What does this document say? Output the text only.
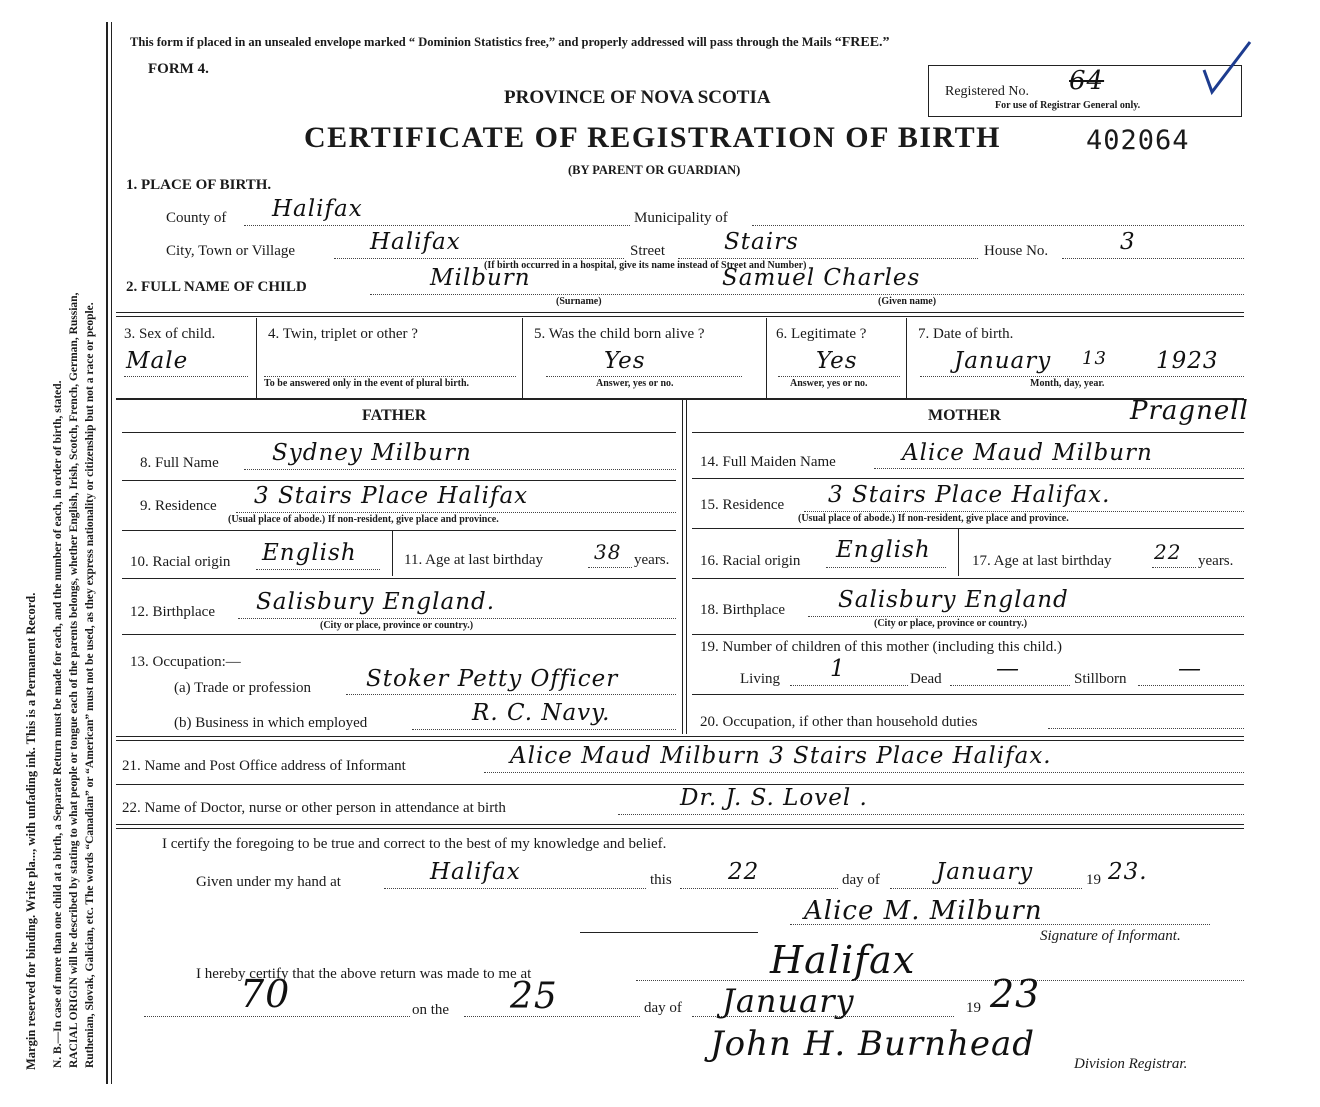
Margin reserved for binding. Write pla..., with unfading ink. This is a Permanent Record. N. B.—In case of more than one child at a birth, a Separate Return must be made for each, and the number of each, in order of birth, stated. RACIAL ORIGIN will be described by stating to what people or tongue each of the parents belongs, whether English, Irish, Scotch, French, German, Russian, Ruthenian, Slovak, Galician, etc. The words “Canadian” or “American” must not be used, as they express nationality or citizenship but not a race or people.
This form if placed in an unsealed envelope marked “ Dominion Statistics free,” and properly addressed will pass through the Mails “FREE.”
FORM 4.
PROVINCE OF NOVA SCOTIA
CERTIFICATE OF REGISTRATION OF BIRTH	402064
(BY PARENT OR GUARDIAN)
Registered No. 64
For use of Registrar General only.
1. PLACE OF BIRTH.
County of Halifax	Municipality of
City, Town or Village	Halifax	Street	Stairs	House No.	3
(If birth occurred in a hospital, give its name instead of Street and Number)
2. FULL NAME OF CHILD	Milburn	Samuel Charles
(Surname)	(Given name)
3. Sex of child.
Male
4. Twin, triplet or other ?
To be answered only in the event of plural birth.
5. Was the child born alive ?
Yes
Answer, yes or no.
6. Legitimate ?
Yes
Answer, yes or no.
7. Date of birth.
January 13 1923
Month, day, year.
FATHER	MOTHER	Pragnell
8. Full Name Sydney Milburn
9. Residence 3 Stairs Place Halifax
(Usual place of abode.) If non-resident, give place and province.
10. Racial origin English	11. Age at last birthday	38 years.
12. Birthplace Salisbury England.
(City or place, province or country.)
13. Occupation:—
(a) Trade or profession Stoker Petty Officer
(b) Business in which employed	R. C. Navy.
14. Full Maiden Name	Alice Maud Milburn
15. Residence 3 Stairs Place Halifax.
(Usual place of abode.) If non-resident, give place and province.
16. Racial origin English	17. Age at last birthday 22 years.
18. Birthplace Salisbury England
(City or place, province or country.)
19. Number of children of this mother (including this child.)
Living 1	Dead —	Stillborn —
20. Occupation, if other than household duties
21. Name and Post Office address of Informant	Alice Maud Milburn 3 Stairs Place Halifax.
22. Name of Doctor, nurse or other person in attendance at birth	Dr. J. S. Lovel .
I certify the foregoing to be true and correct to the best of my knowledge and belief.
Given under my hand at	Halifax	this 22	day of January	19 23.
Alice M. Milburn
Signature of Informant.
I hereby certify that the above return was made to me at	Halifax
70	on the 25	day of January	19 23
John H. Burnhead	Division Registrar.
